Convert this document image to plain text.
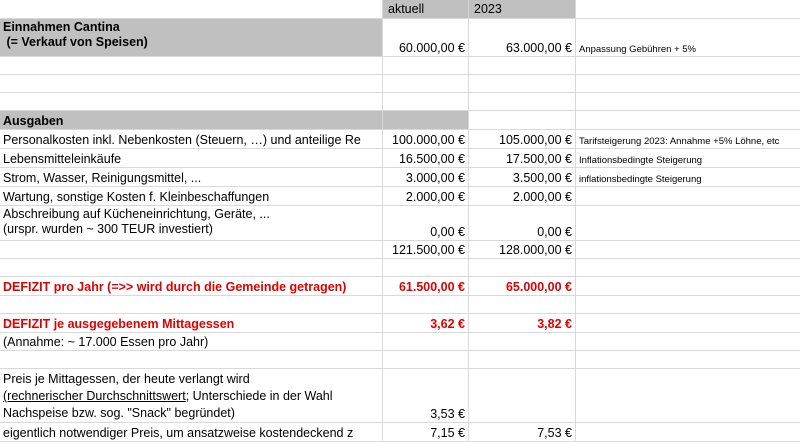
aktuell	2023
Einnahmen Cantina
(= Verkauf von Speisen)	60.000,00 €	63.000,00 € Anpassung Gebühren + 5%
Ausgaben
Personalkosten inkl. Nebenkosten (Steuern, …) und anteilige Re 100.000,00 €	105.000,00 € Tarifsteigerung 2023: Annahme +5% Löhne, etc
Lebensmitteleinkäufe	16.500,00 €	17.500,00 € Inflationsbedingte Steigerung
Strom, Wasser, Reinigungsmittel, ...	3.000,00 €	3.500,00 € inflationsbedingte Steigerung
Wartung, sonstige Kosten f. Kleinbeschaffungen	2.000,00 €	2.000,00 €
Abschreibung auf Kücheneinrichtung, Geräte, ...
(urspr. wurden ~ 300 TEUR investiert)	0,00 €	0,00 €
121.500,00 €	128.000,00 €
DEFIZIT pro Jahr (=>> wird durch die Gemeinde getragen)	61.500,00 €	65.000,00 €
DEFIZIT je ausgegebenem Mittagessen	3,62 €	3,82 €
(Annahme: ~ 17.000 Essen pro Jahr)
Preis je Mittagessen, der heute verlangt wird
(rechnerischer Durchschnittswert; Unterschiede in der Wahl
Nachspeise bzw. sog. "Snack" begründet)	3,53 €
eigentlich notwendiger Preis, um ansatzweise kostendeckend z	7,15 €	7,53 €
